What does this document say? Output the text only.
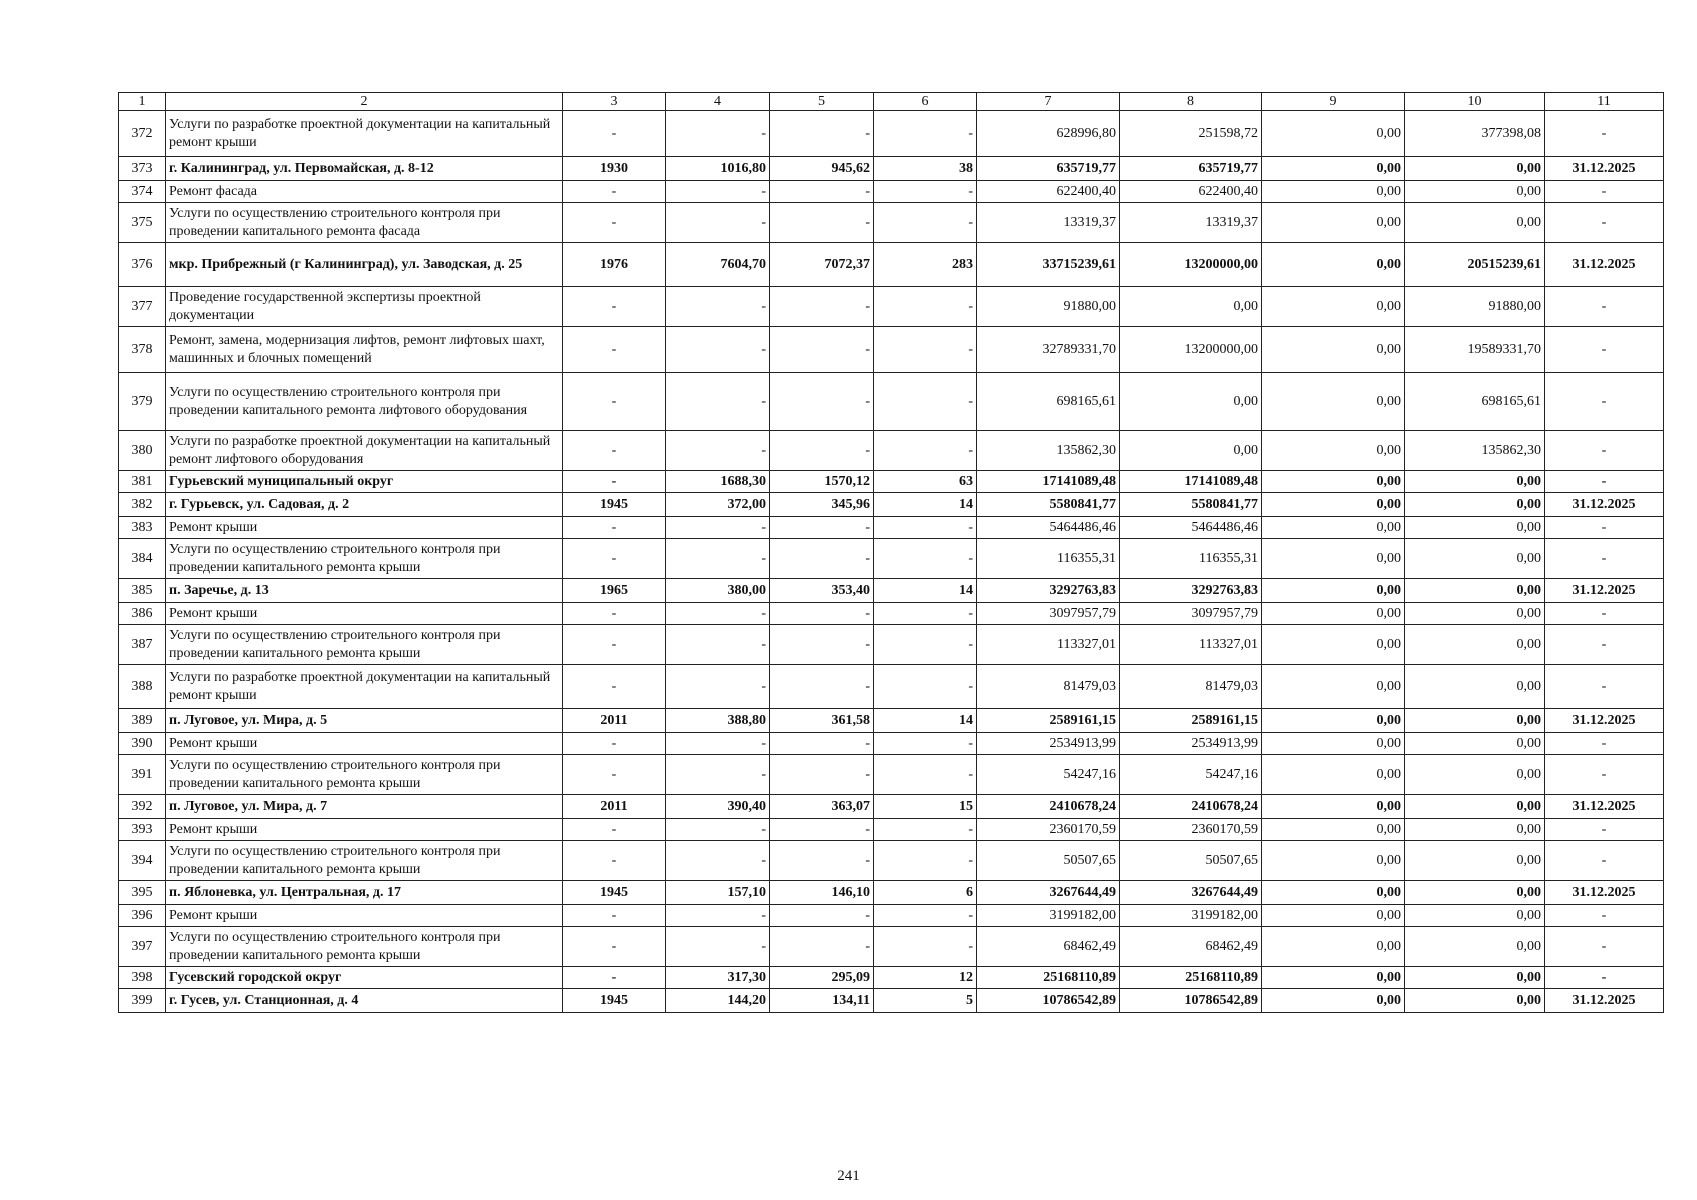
1	2	3	4	5	6	7	8	9	10	11
372	Услуги по разработке проектной документации на капитальный ремонт крыши	-	-	-	-	628996,80	251598,72	0,00	377398,08	-
373	г. Калининград, ул. Первомайская, д. 8-12	1930	1016,80	945,62	38	635719,77	635719,77	0,00	0,00	31.12.2025
374	Ремонт фасада	-	-	-	-	622400,40	622400,40	0,00	0,00	-
375	Услуги по осуществлению строительного контроля при проведении капитального ремонта фасада	-	-	-	-	13319,37	13319,37	0,00	0,00	-
376	мкр. Прибрежный (г Калининград), ул. Заводская, д. 25	1976	7604,70	7072,37	283	33715239,61	13200000,00	0,00	20515239,61	31.12.2025
377	Проведение государственной экспертизы проектной документации	-	-	-	-	91880,00	0,00	0,00	91880,00	-
378	Ремонт, замена, модернизация лифтов, ремонт лифтовых шахт, машинных и блочных помещений	-	-	-	-	32789331,70	13200000,00	0,00	19589331,70	-
379	Услуги по осуществлению строительного контроля при проведении капитального ремонта лифтового оборудования	-	-	-	-	698165,61	0,00	0,00	698165,61	-
380	Услуги по разработке проектной документации на капитальный ремонт лифтового оборудования	-	-	-	-	135862,30	0,00	0,00	135862,30	-
381	Гурьевский муниципальный округ	-	1688,30	1570,12	63	17141089,48	17141089,48	0,00	0,00	-
382	г. Гурьевск, ул. Садовая, д. 2	1945	372,00	345,96	14	5580841,77	5580841,77	0,00	0,00	31.12.2025
383	Ремонт крыши	-	-	-	-	5464486,46	5464486,46	0,00	0,00	-
384	Услуги по осуществлению строительного контроля при проведении капитального ремонта крыши	-	-	-	-	116355,31	116355,31	0,00	0,00	-
385	п. Заречье, д. 13	1965	380,00	353,40	14	3292763,83	3292763,83	0,00	0,00	31.12.2025
386	Ремонт крыши	-	-	-	-	3097957,79	3097957,79	0,00	0,00	-
387	Услуги по осуществлению строительного контроля при проведении капитального ремонта крыши	-	-	-	-	113327,01	113327,01	0,00	0,00	-
388	Услуги по разработке проектной документации на капитальный ремонт крыши	-	-	-	-	81479,03	81479,03	0,00	0,00	-
389	п. Луговое, ул. Мира, д. 5	2011	388,80	361,58	14	2589161,15	2589161,15	0,00	0,00	31.12.2025
390	Ремонт крыши	-	-	-	-	2534913,99	2534913,99	0,00	0,00	-
391	Услуги по осуществлению строительного контроля при проведении капитального ремонта крыши	-	-	-	-	54247,16	54247,16	0,00	0,00	-
392	п. Луговое, ул. Мира, д. 7	2011	390,40	363,07	15	2410678,24	2410678,24	0,00	0,00	31.12.2025
393	Ремонт крыши	-	-	-	-	2360170,59	2360170,59	0,00	0,00	-
394	Услуги по осуществлению строительного контроля при проведении капитального ремонта крыши	-	-	-	-	50507,65	50507,65	0,00	0,00	-
395	п. Яблоневка, ул. Центральная, д. 17	1945	157,10	146,10	6	3267644,49	3267644,49	0,00	0,00	31.12.2025
396	Ремонт крыши	-	-	-	-	3199182,00	3199182,00	0,00	0,00	-
397	Услуги по осуществлению строительного контроля при проведении капитального ремонта крыши	-	-	-	-	68462,49	68462,49	0,00	0,00	-
398	Гусевский городской округ	-	317,30	295,09	12	25168110,89	25168110,89	0,00	0,00	-
399	г. Гусев, ул. Станционная, д. 4	1945	144,20	134,11	5	10786542,89	10786542,89	0,00	0,00	31.12.2025
241
